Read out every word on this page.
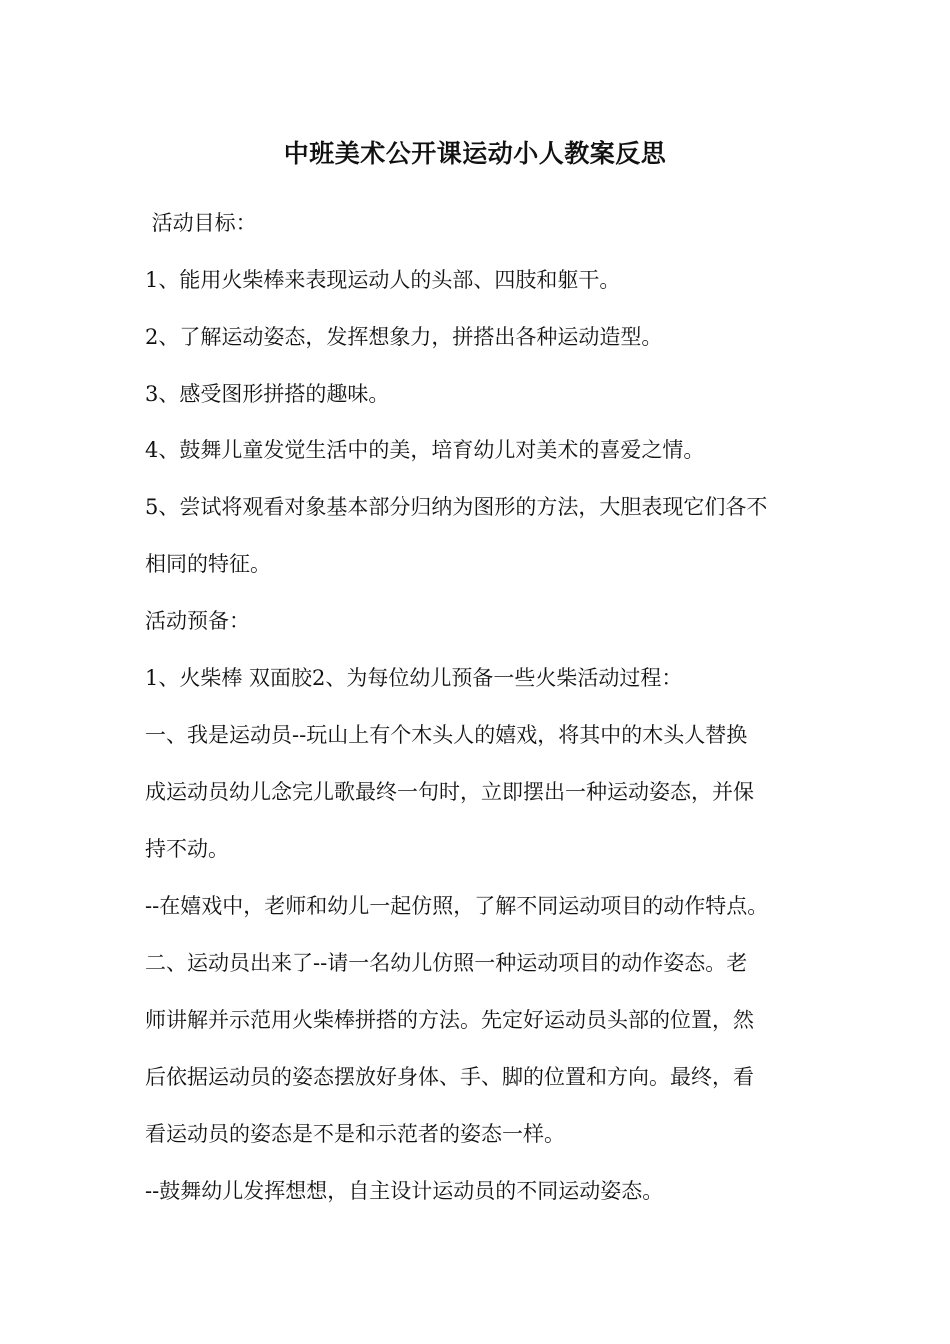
中班美术公开课运动小人教案反思

活动目标：

1、能用火柴棒来表现运动人的头部、四肢和躯干。

2、了解运动姿态，发挥想象力，拼搭出各种运动造型。

3、感受图形拼搭的趣味。

4、鼓舞儿童发觉生活中的美，培育幼儿对美术的喜爱之情。

5、尝试将观看对象基本部分归纳为图形的方法，大胆表现它们各不

相同的特征。

活动预备：

1、火柴棒 双面胶2、为每位幼儿预备一些火柴活动过程：

一、我是运动员--玩山上有个木头人的嬉戏，将其中的木头人替换

成运动员幼儿念完儿歌最终一句时，立即摆出一种运动姿态，并保

持不动。

--在嬉戏中，老师和幼儿一起仿照，了解不同运动项目的动作特点。

二、运动员出来了--请一名幼儿仿照一种运动项目的动作姿态。老

师讲解并示范用火柴棒拼搭的方法。先定好运动员头部的位置，然

后依据运动员的姿态摆放好身体、手、脚的位置和方向。最终，看

看运动员的姿态是不是和示范者的姿态一样。

--鼓舞幼儿发挥想想，自主设计运动员的不同运动姿态。
